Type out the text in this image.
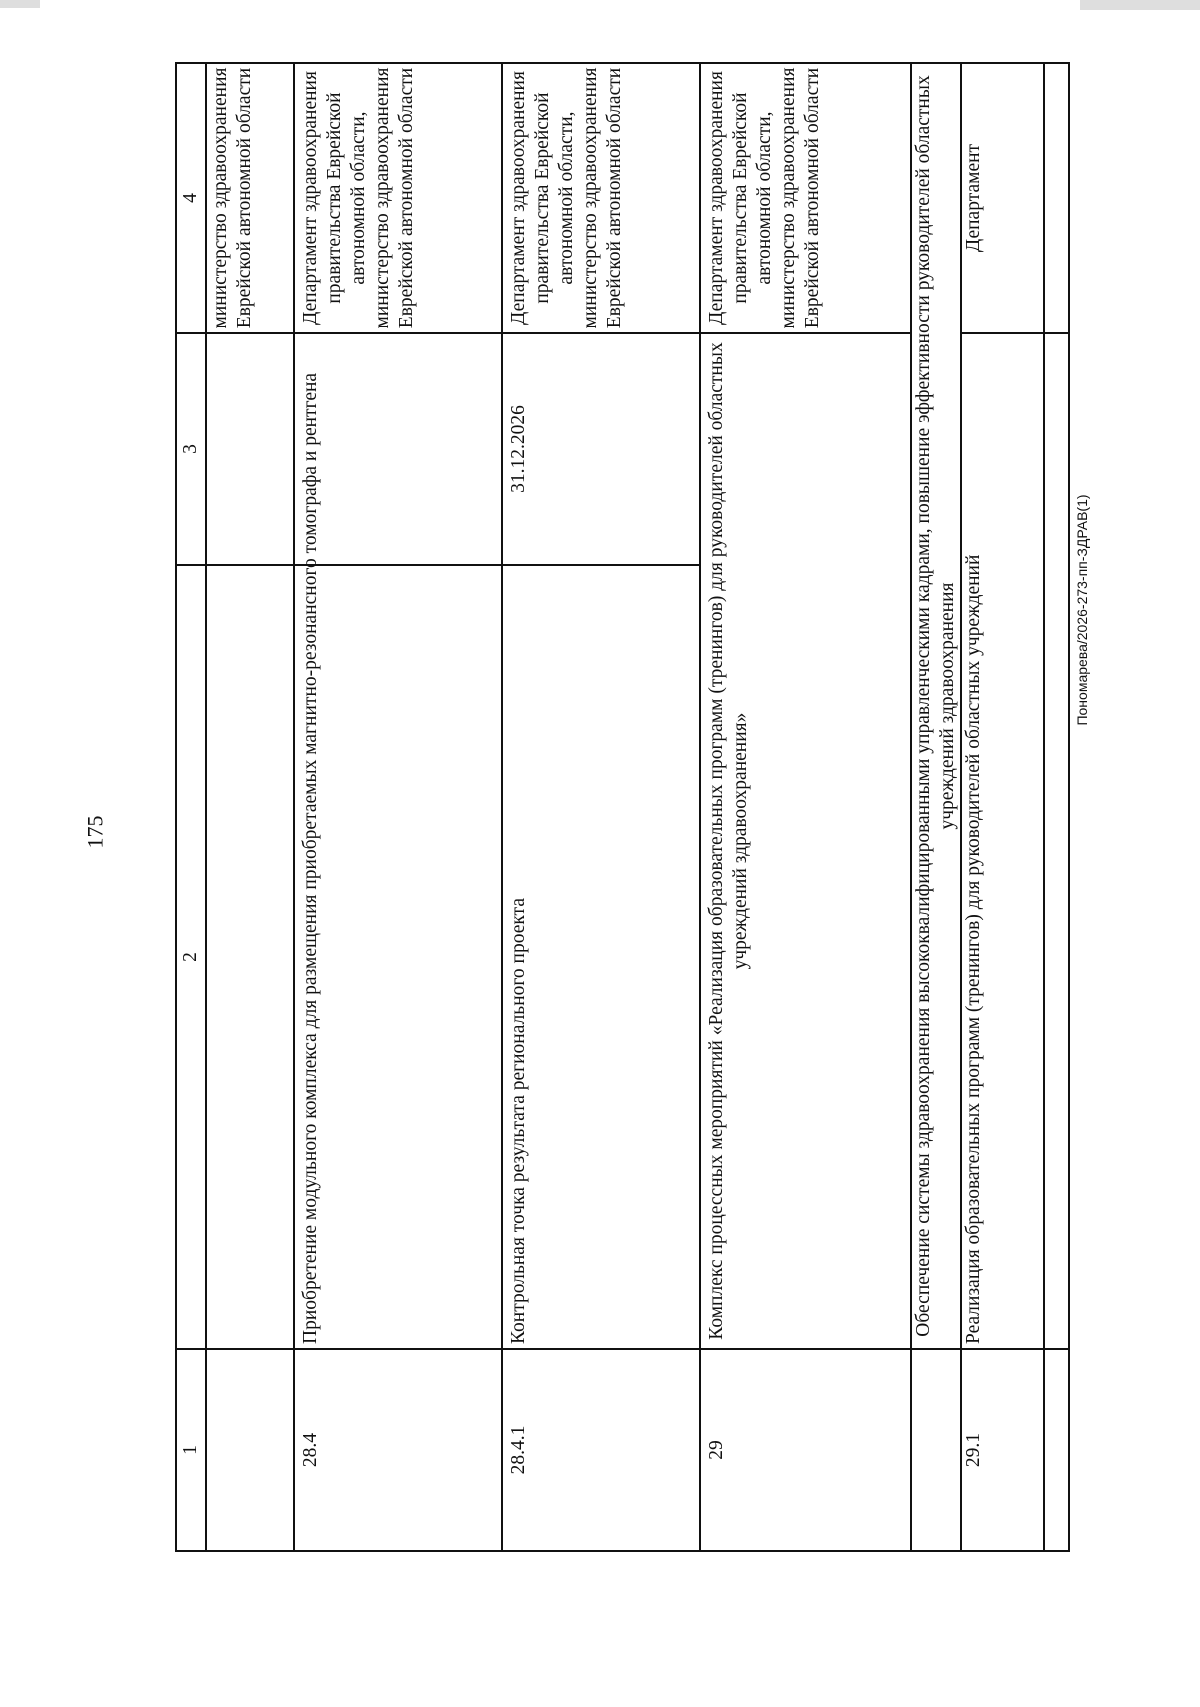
175
1
2
3
4 министерство здравоохранения Еврейской автономной области
28.4
Приобретение модульного комплекса для размещения приобретаемых магнитно-резонансного томографа и рентгена
Департамент здравоохранения правительства Еврейской автономной области, министерство здравоохранения Еврейской автономной области
28.4.1
Контрольная точка результата регионального проекта
31.12.2026
Департамент здравоохранения правительства Еврейской автономной области, министерство здравоохранения Еврейской автономной области
29
Комплекс процессных мероприятий «Реализация образовательных программ (тренингов) для руководителей областных учреждений здравоохранения»
Департамент здравоохранения правительства Еврейской автономной области, министерство здравоохранения Еврейской автономной области	Обеспечение системы здравоохранения высококвалифицированными управленческими кадрами, повышение эффективности руководителей областных учреждений здравоохранения
29.1
Реализация образовательных программ (тренингов) для руководителей областных учреждений
Департамент
Пономарева/2026-273-пп-ЗДРАВ(1)
